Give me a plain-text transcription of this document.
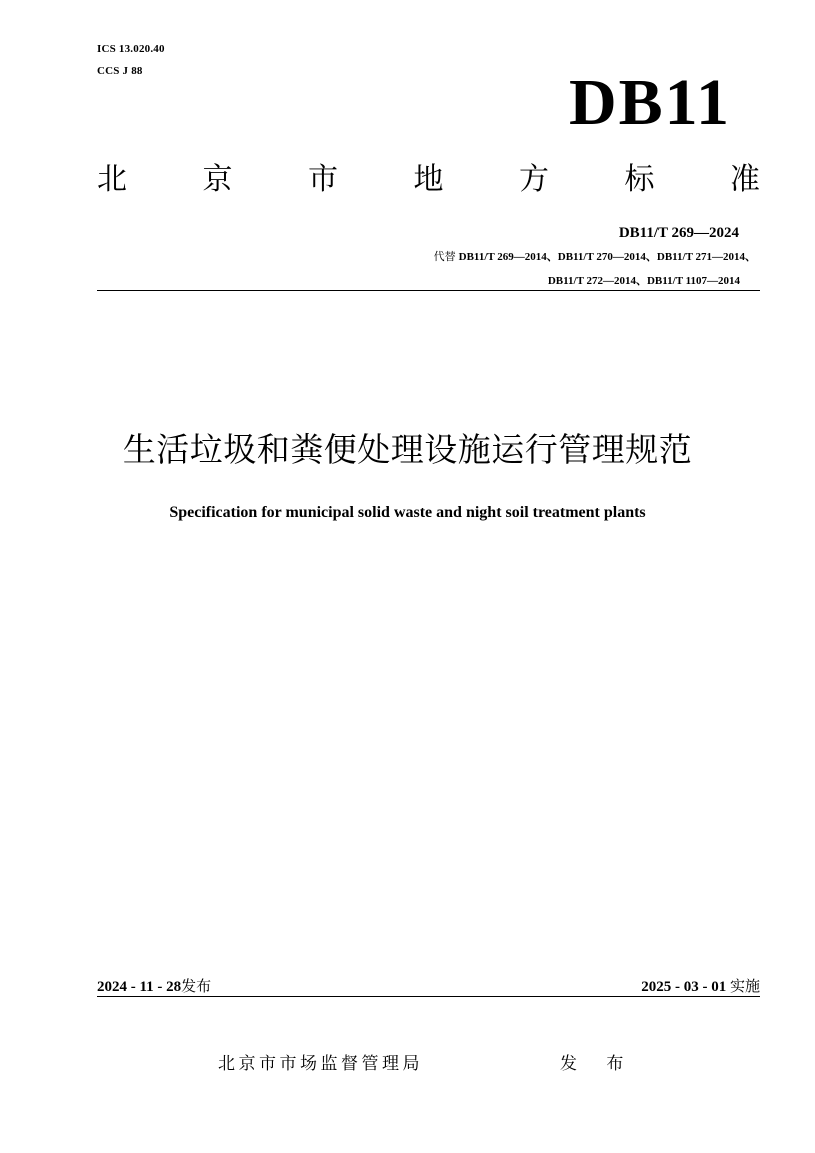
ICS 13.020.40
CCS J 88	DB11
北	京	市	地	方	标	准
DB11/T 269—2024
代替 DB11/T 269—2014、DB11/T 270—2014、DB11/T 271—2014、
DB11/T 272—2014、DB11/T 1107—2014
生活垃圾和粪便处理设施运行管理规范
Specification for municipal solid waste and night soil treatment plants
2024 - 11 - 28发布	2025 - 03 - 01 实施
北京市市场监督管理局	发 布
